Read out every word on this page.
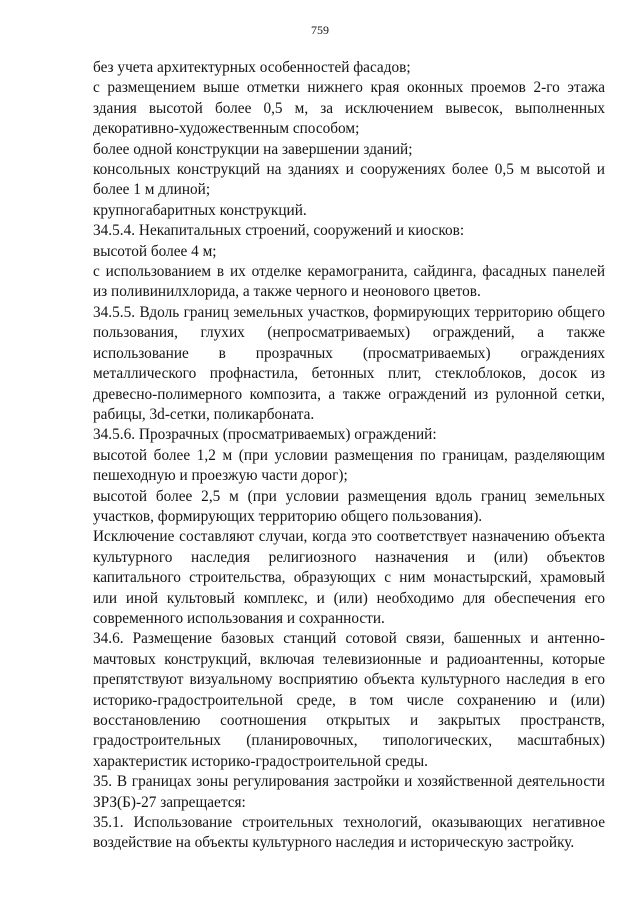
759

без учета архитектурных особенностей фасадов;

с размещением выше отметки нижнего края оконных проемов 2-го этажа здания высотой более 0,5 м, за исключением вывесок, выполненных декоративно-художественным способом;

более одной конструкции на завершении зданий;

консольных конструкций на зданиях и сооружениях более 0,5 м высотой и более 1 м длиной;

крупногабаритных конструкций.

34.5.4. Некапитальных строений, сооружений и киосков:

высотой более 4 м;

с использованием в их отделке керамогранита, сайдинга, фасадных панелей из поливинилхлорида, а также черного и неонового цветов.

34.5.5. Вдоль границ земельных участков, формирующих территорию общего пользования, глухих (непросматриваемых) ограждений, а также использование в прозрачных (просматриваемых) ограждениях металлического профнастила, бетонных плит, стеклоблоков, досок из древесно-полимерного композита, а также ограждений из рулонной сетки, рабицы, 3d-сетки, поликарбоната.

34.5.6. Прозрачных (просматриваемых) ограждений:

высотой более 1,2 м (при условии размещения по границам, разделяющим пешеходную и проезжую части дорог);

высотой более 2,5 м (при условии размещения вдоль границ земельных участков, формирующих территорию общего пользования).

Исключение составляют случаи, когда это соответствует назначению объекта культурного наследия религиозного назначения и (или) объектов капитального строительства, образующих с ним монастырский, храмовый или иной культовый комплекс, и (или) необходимо для обеспечения его современного использования и сохранности.

34.6. Размещение базовых станций сотовой связи, башенных и антенно-мачтовых конструкций, включая телевизионные и радиоантенны, которые препятствуют визуальному восприятию объекта культурного наследия в его историко-градостроительной среде, в том числе сохранению и (или) восстановлению соотношения открытых и закрытых пространств, градостроительных (планировочных, типологических, масштабных) характеристик историко-градостроительной среды.

35. В границах зоны регулирования застройки и хозяйственной деятельности ЗРЗ(Б)-27 запрещается:

35.1. Использование строительных технологий, оказывающих негативное воздействие на объекты культурного наследия и историческую застройку.
